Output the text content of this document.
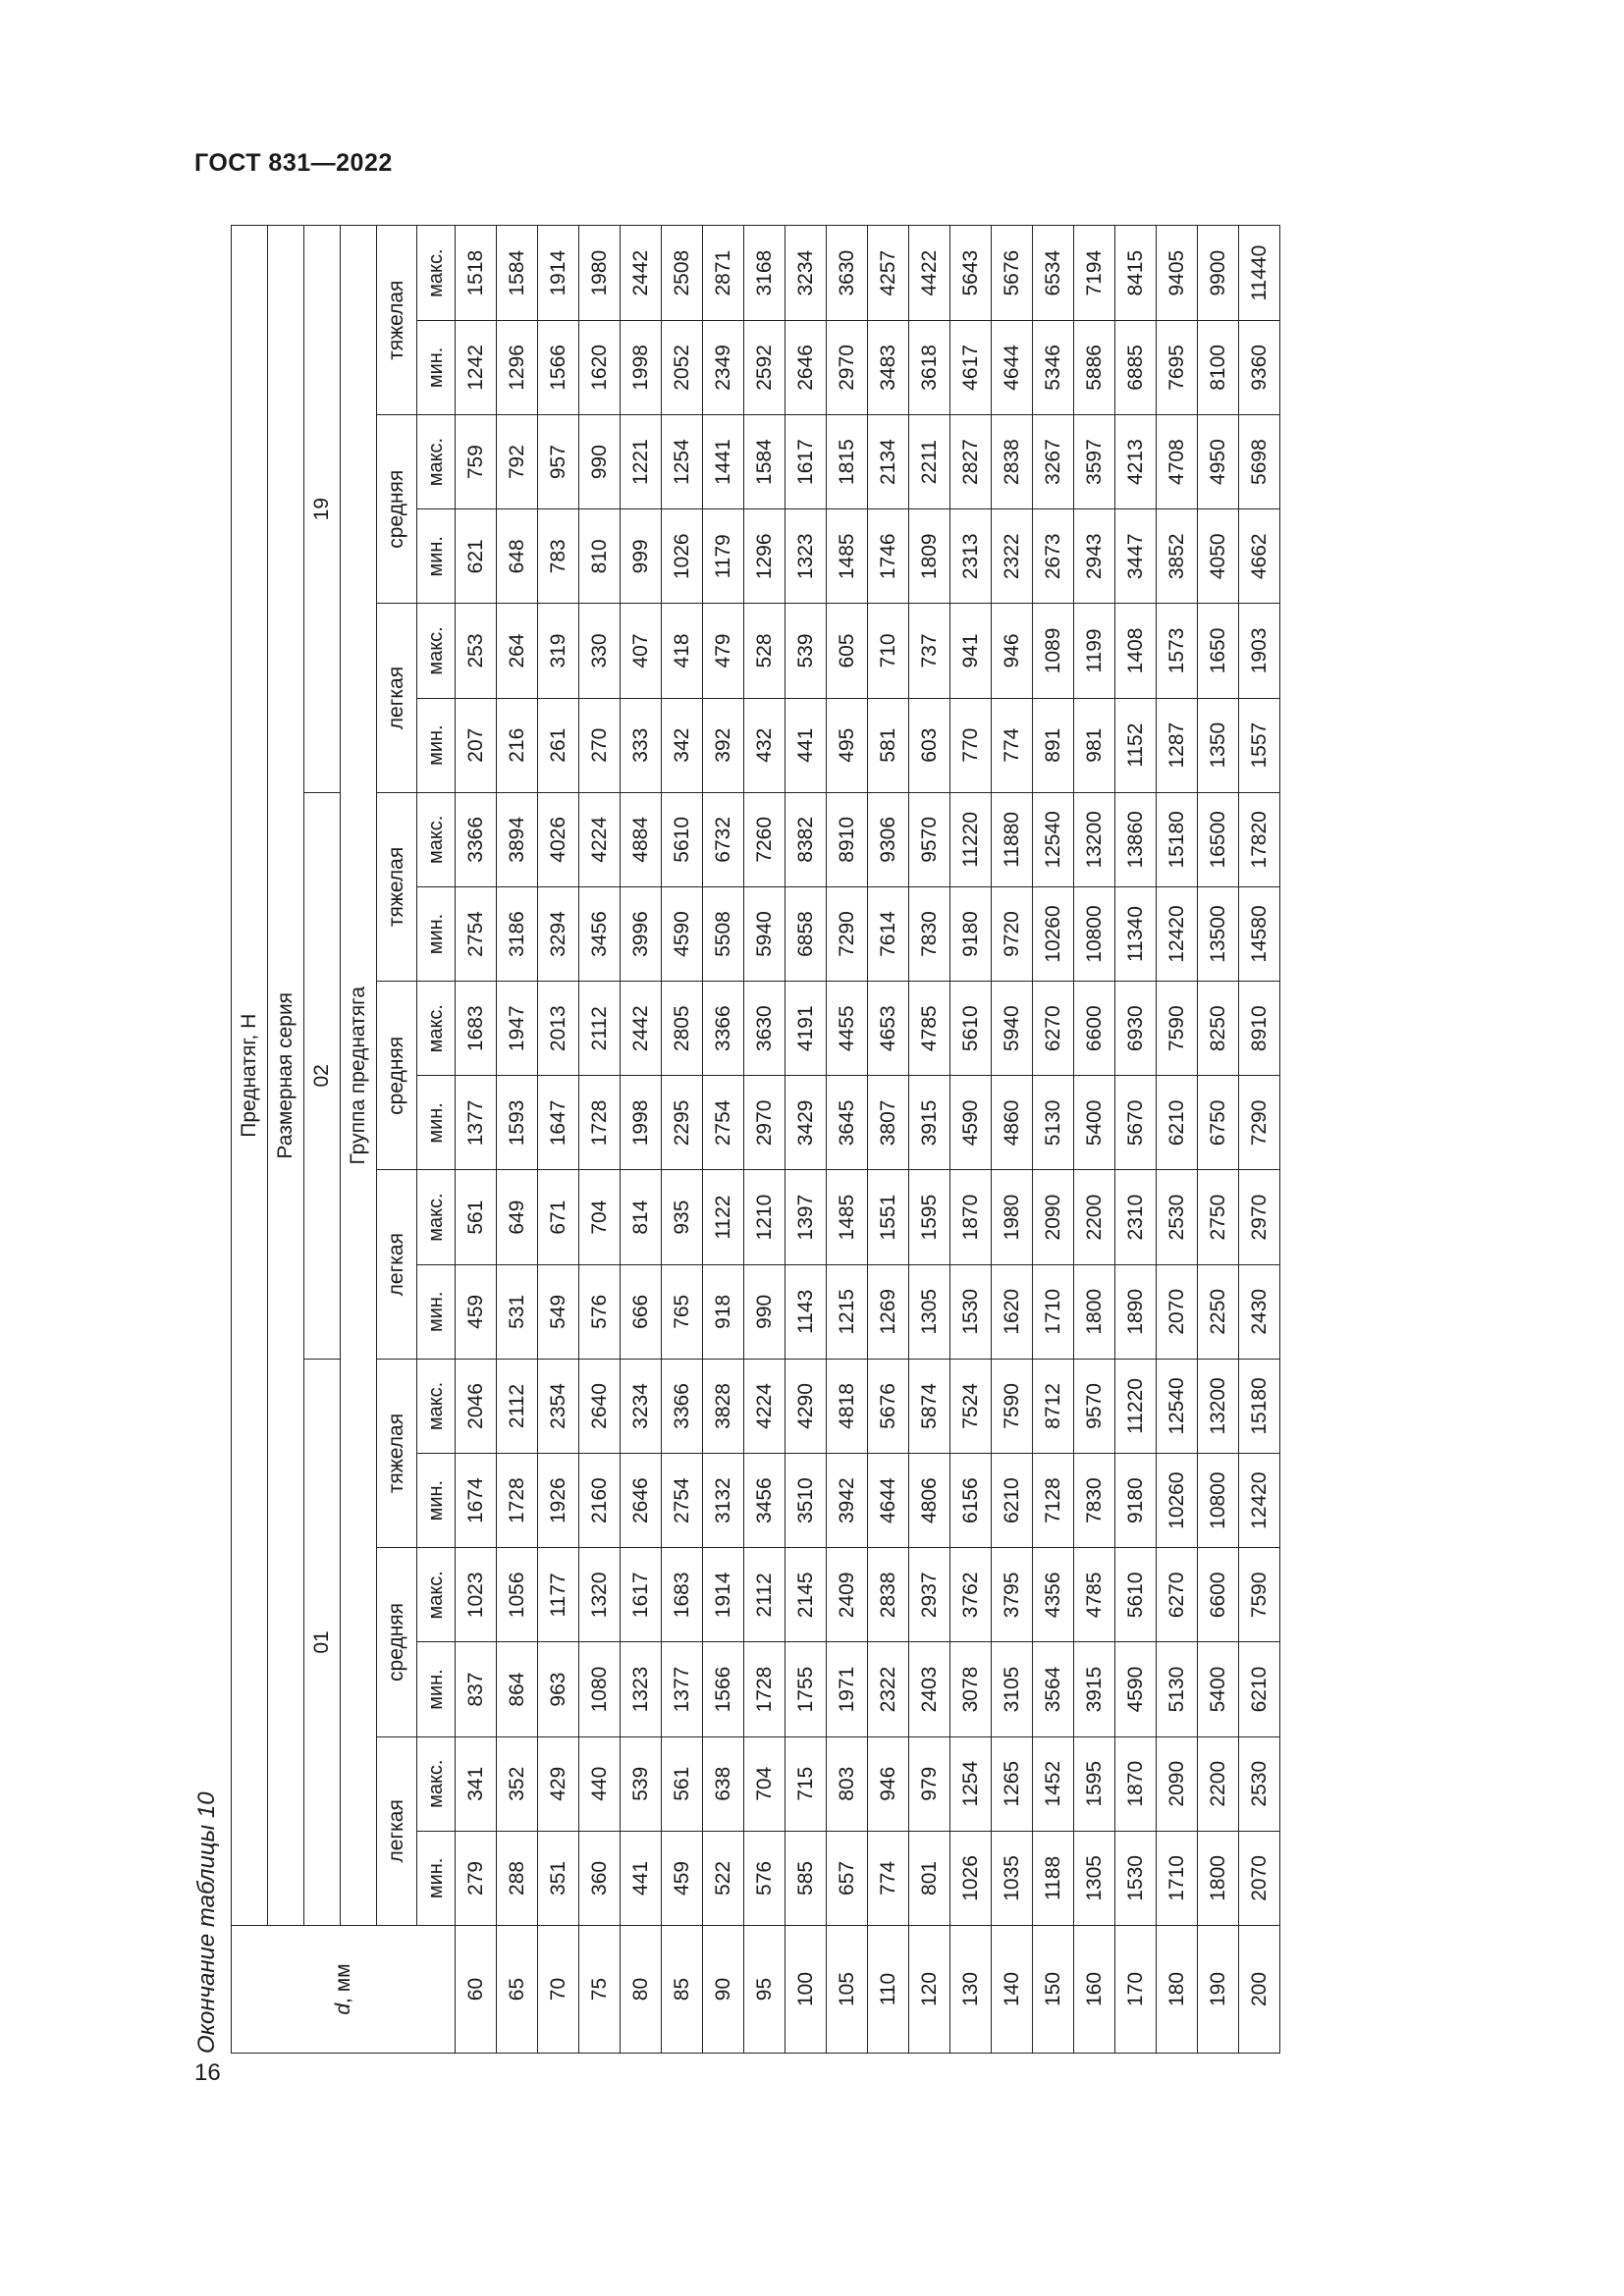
ГОСТ 831—2022
16
Окончание таблицы 10	d, мм	Преднатяг, Н																	
	Размерная серия																	
	01						02						19					
	Группа преднатяга																	
	легкая		средняя		тяжелая		легкая		средняя		тяжелая		легкая		средняя		тяжелая	
	мин.	макс.	мин.	макс.	мин.	макс.	мин.	макс.	мин.	макс.	мин.	макс.	мин.	макс.	мин.	макс.	мин.	макс.
60	279	341	837	1023	1674	2046	459	561	1377	1683	2754	3366	207	253	621	759	1242	1518
65	288	352	864	1056	1728	2112	531	649	1593	1947	3186	3894	216	264	648	792	1296	1584
70	351	429	963	1177	1926	2354	549	671	1647	2013	3294	4026	261	319	783	957	1566	1914
75	360	440	1080	1320	2160	2640	576	704	1728	2112	3456	4224	270	330	810	990	1620	1980
80	441	539	1323	1617	2646	3234	666	814	1998	2442	3996	4884	333	407	999	1221	1998	2442
85	459	561	1377	1683	2754	3366	765	935	2295	2805	4590	5610	342	418	1026	1254	2052	2508
90	522	638	1566	1914	3132	3828	918	1122	2754	3366	5508	6732	392	479	1179	1441	2349	2871
95	576	704	1728	2112	3456	4224	990	1210	2970	3630	5940	7260	432	528	1296	1584	2592	3168
100	585	715	1755	2145	3510	4290	1143	1397	3429	4191	6858	8382	441	539	1323	1617	2646	3234
105	657	803	1971	2409	3942	4818	1215	1485	3645	4455	7290	8910	495	605	1485	1815	2970	3630
110	774	946	2322	2838	4644	5676	1269	1551	3807	4653	7614	9306	581	710	1746	2134	3483	4257
120	801	979	2403	2937	4806	5874	1305	1595	3915	4785	7830	9570	603	737	1809	2211	3618	4422
130	1026	1254	3078	3762	6156	7524	1530	1870	4590	5610	9180	11220	770	941	2313	2827	4617	5643
140	1035	1265	3105	3795	6210	7590	1620	1980	4860	5940	9720	11880	774	946	2322	2838	4644	5676
150	1188	1452	3564	4356	7128	8712	1710	2090	5130	6270	10260	12540	891	1089	2673	3267	5346	6534
160	1305	1595	3915	4785	7830	9570	1800	2200	5400	6600	10800	13200	981	1199	2943	3597	5886	7194
170	1530	1870	4590	5610	9180	11220	1890	2310	5670	6930	11340	13860	1152	1408	3447	4213	6885	8415
180	1710	2090	5130	6270	10260	12540	2070	2530	6210	7590	12420	15180	1287	1573	3852	4708	7695	9405
190	1800	2200	5400	6600	10800	13200	2250	2750	6750	8250	13500	16500	1350	1650	4050	4950	8100	9900
200	2070	2530	6210	7590	12420	15180	2430	2970	7290	8910	14580	17820	1557	1903	4662	5698	9360	11440
